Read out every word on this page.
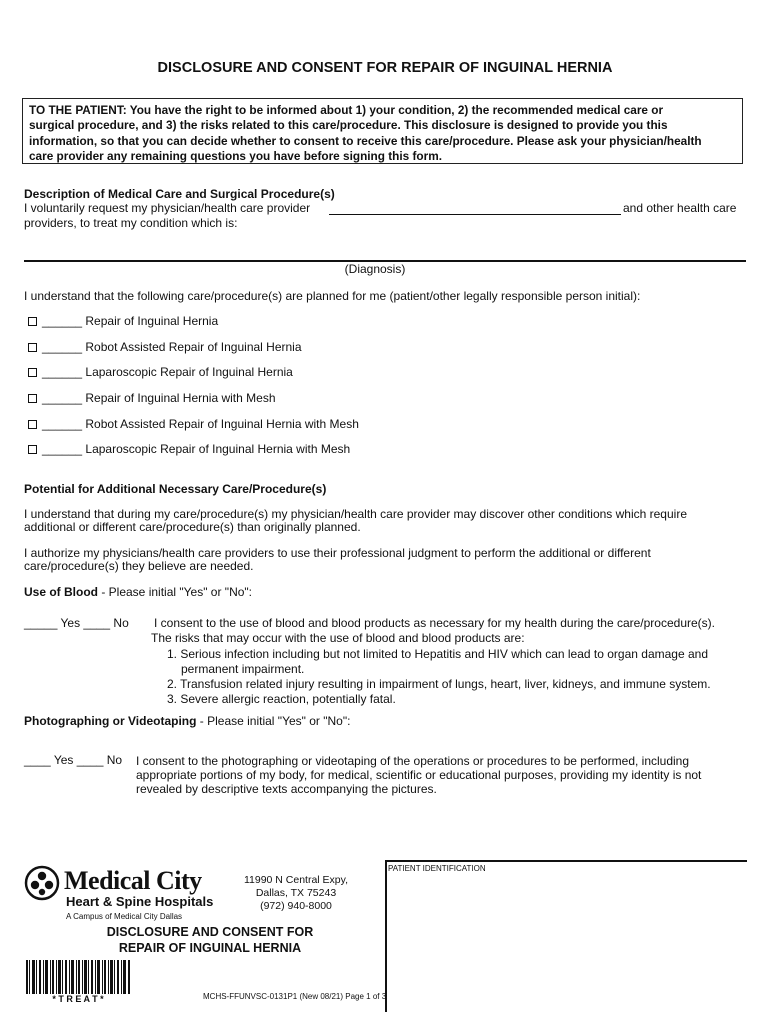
DISCLOSURE AND CONSENT FOR REPAIR OF INGUINAL HERNIA
TO THE PATIENT: You have the right to be informed about 1) your condition, 2) the recommended medical care or
surgical procedure, and 3) the risks related to this care/procedure. This disclosure is designed to provide you this
information, so that you can decide whether to consent to receive this care/procedure. Please ask your physician/health
care provider any remaining questions you have before signing this form.
Description of Medical Care and Surgical Procedure(s)
I voluntarily request my physician/health care provider	and other health care
providers, to treat my condition which is:
(Diagnosis)
I understand that the following care/procedure(s) are planned for me (patient/other legally responsible person initial):
______ Repair of Inguinal Hernia
______ Robot Assisted Repair of Inguinal Hernia
______ Laparoscopic Repair of Inguinal Hernia
______ Repair of Inguinal Hernia with Mesh
______ Robot Assisted Repair of Inguinal Hernia with Mesh
______ Laparoscopic Repair of Inguinal Hernia with Mesh
Potential for Additional Necessary Care/Procedure(s)
I understand that during my care/procedure(s) my physician/health care provider may discover other conditions which require
additional or different care/procedure(s) than originally planned.
I authorize my physicians/health care providers to use their professional judgment to perform the additional or different
care/procedure(s) they believe are needed.
Use of Blood - Please initial "Yes" or "No":
_____ Yes ____ No I consent to the use of blood and blood products as necessary for my health during the care/procedure(s).
The risks that may occur with the use of blood and blood products are:
1. Serious infection including but not limited to Hepatitis and HIV which can lead to organ damage and
permanent impairment.
2. Transfusion related injury resulting in impairment of lungs, heart, liver, kidneys, and immune system.
3. Severe allergic reaction, potentially fatal.
Photographing or Videotaping - Please initial "Yes" or "No":
____ Yes ____ No I consent to the photographing or videotaping of the operations or procedures to be performed, including
appropriate portions of my body, for medical, scientific or educational purposes, providing my identity is not
revealed by descriptive texts accompanying the pictures.
PATIENT IDENTIFICATION
Medical City
Heart & Spine Hospitals
A Campus of Medical City Dallas
11990 N Central Expy,
Dallas, TX 75243
(972) 940-8000
DISCLOSURE AND CONSENT FOR
REPAIR OF INGUINAL HERNIA
* T R E A T *	MCHS-FFUNVSC-0131P1 (New 08/21) Page 1 of 3
